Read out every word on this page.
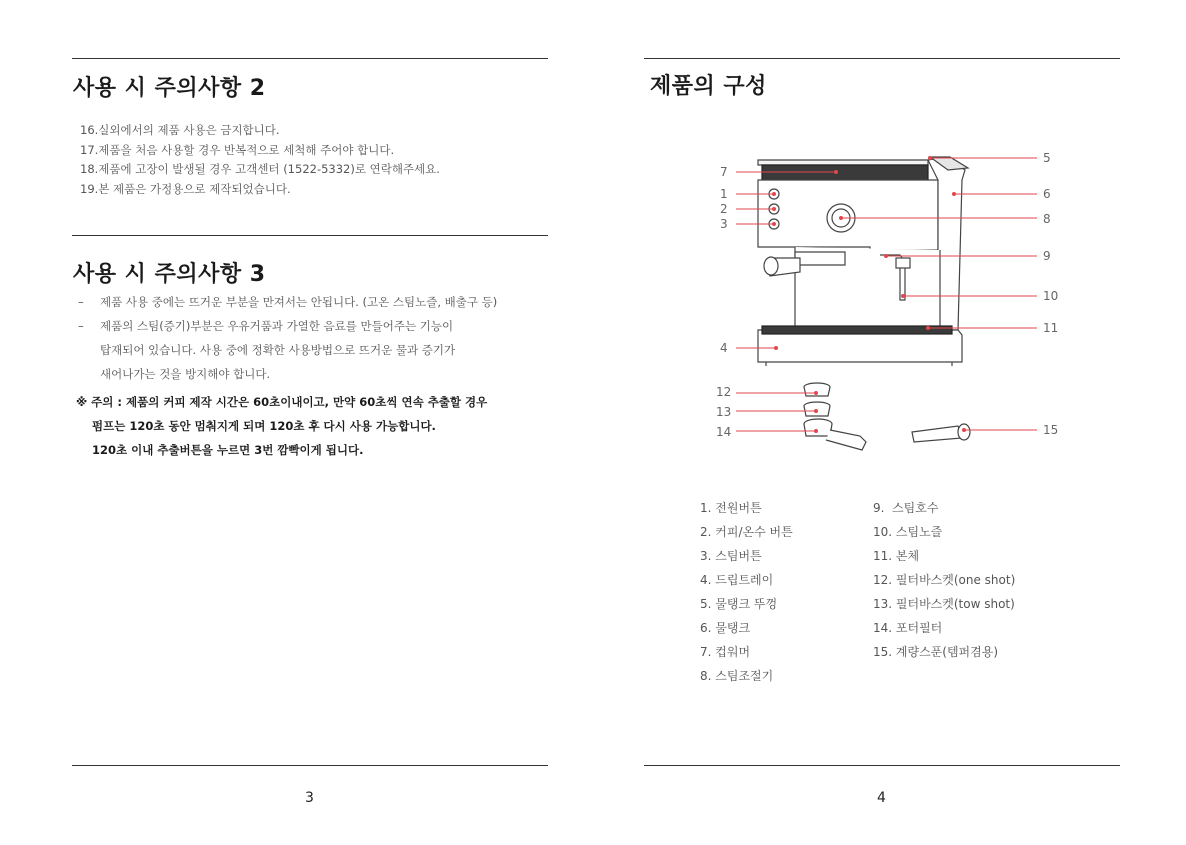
사용 시 주의사항 2
16.실외에서의 제품 사용은 금지합니다.
17.제품을 처음 사용할 경우 반복적으로 세척해 주어야 합니다.
18.제품에 고장이 발생될 경우 고객센터 (1522-5332)로 연락해주세요.
19.본 제품은 가정용으로 제작되었습니다.
사용 시 주의사항 3
–	제품 사용 중에는 뜨거운 부분을 만져서는 안됩니다. (고온 스팀노즐, 배출구 등)
–	제품의 스팀(증기)부분은 우유거품과 가열한 음료를 만들어주는 기능이
탑재되어 있습니다. 사용 중에 정확한 사용방법으로 뜨거운 물과 증기가
새어나가는 것을 방지해야 합니다.
※ 주의 : 제품의 커피 제작 시간은 60초이내이고, 만약 60초씩 연속 추출할 경우
펌프는 120초 동안 멈춰지게 되며 120초 후 다시 사용 가능합니다.
120초 이내 추출버튼을 누르면 3번 깜빡이게 됩니다.
3
제품의 구성
7
1
2
3
4
12
13
14
5
6
8
9
10
11
15
1. 전원버튼
2. 커피/온수 버튼
3. 스팀버튼
4. 드립트레이
5. 물탱크 뚜껑
6. 물탱크
7. 컵워머
8. 스팀조절기
9.  스팀호수
10. 스팀노즐
11. 본체
12. 필터바스켓(one shot)
13. 필터바스켓(tow shot)
14. 포터필터
15. 계량스푼(템퍼겸용)
4
